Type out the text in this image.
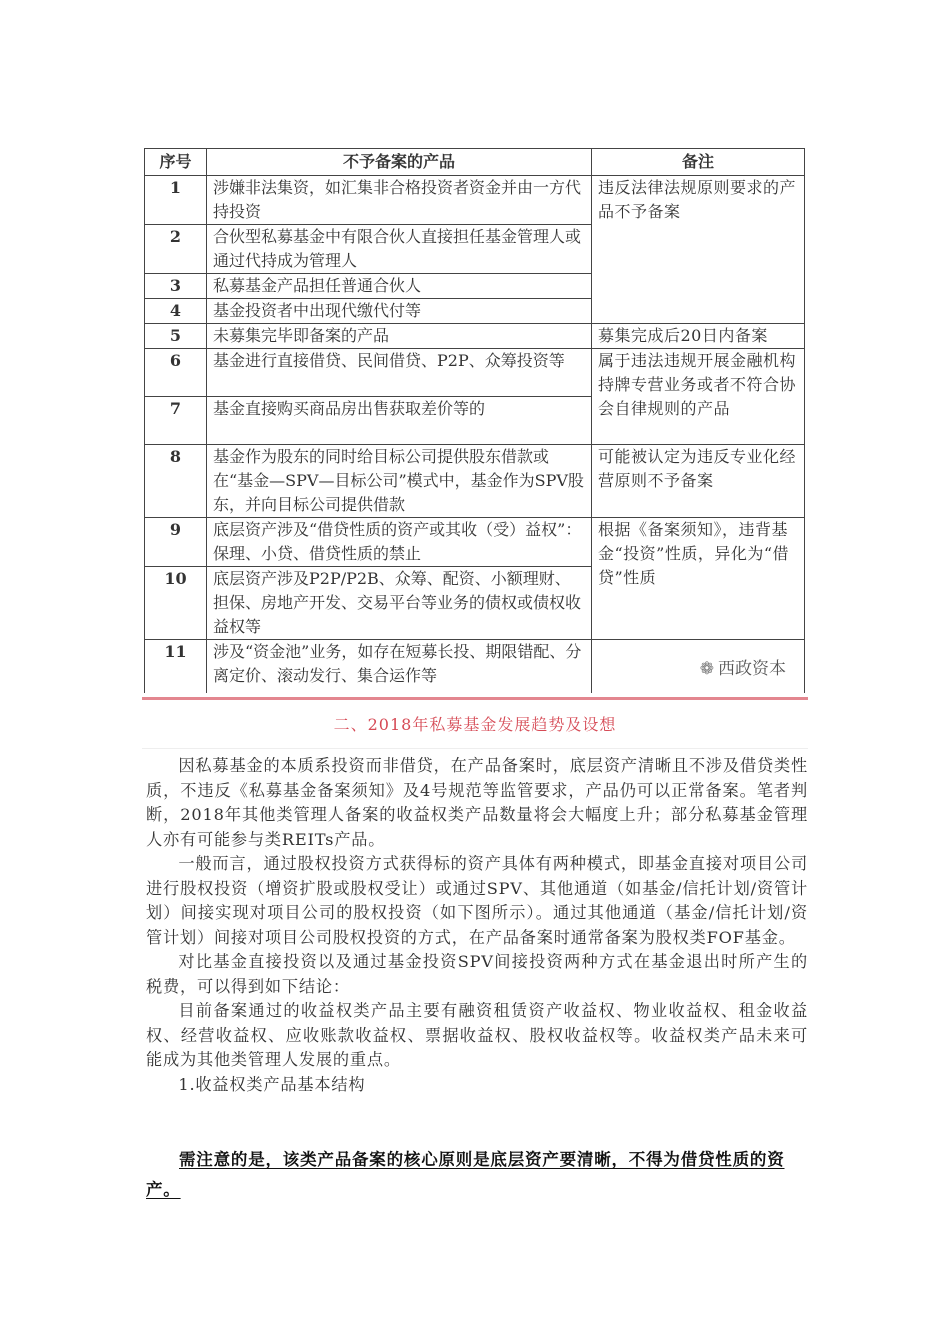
序号	不予备案的产品	备注
1	涉嫌非法集资，如汇集非合格投资者资金并由一方代持投资	违反法律法规原则要求的产品不予备案
2	合伙型私募基金中有限合伙人直接担任基金管理人或通过代持成为管理人	
3	私募基金产品担任普通合伙人	
4	基金投资者中出现代缴代付等	
5	未募集完毕即备案的产品	募集完成后20日内备案
6	基金进行直接借贷、民间借贷、P2P、众筹投资等	属于违法违规开展金融机构持牌专营业务或者不符合协会自律规则的产品
7	基金直接购买商品房出售获取差价等的	
8	基金作为股东的同时给目标公司提供股东借款或在“基金—SPV—目标公司”模式中，基金作为SPV股东，并向目标公司提供借款	可能被认定为违反专业化经营原则不予备案
9	底层资产涉及“借贷性质的资产或其收（受）益权”：保理、小贷、借贷性质的禁止	根据《备案须知》，违背基金“投资”性质，异化为“借贷”性质
10	底层资产涉及P2P/P2B、众筹、配资、小额理财、担保、房地产开发、交易平台等业务的债权或债权收益权等	
11	涉及“资金池”业务，如存在短募长投、期限错配、分离定价、滚动发行、集合运作等		❁ 西政资本
二、2018年私募基金发展趋势及设想

因私募基金的本质系投资而非借贷，在产品备案时，底层资产清晰且不涉及借贷类性质，不违反《私募基金备案须知》及4号规范等监管要求，产品仍可以正常备案。笔者判断，2018年其他类管理人备案的收益权类产品数量将会大幅度上升；部分私募基金管理人亦有可能参与类REITs产品。

一般而言，通过股权投资方式获得标的资产具体有两种模式，即基金直接对项目公司进行股权投资（增资扩股或股权受让）或通过SPV、其他通道（如基金/信托计划/资管计划）间接实现对项目公司的股权投资（如下图所示）。通过其他通道（基金/信托计划/资管计划）间接对项目公司股权投资的方式，在产品备案时通常备案为股权类FOF基金。

对比基金直接投资以及通过基金投资SPV间接投资两种方式在基金退出时所产生的税费，可以得到如下结论：

目前备案通过的收益权类产品主要有融资租赁资产收益权、物业收益权、租金收益权、经营收益权、应收账款收益权、票据收益权、股权收益权等。收益权类产品未来可能成为其他类管理人发展的重点。

1.收益权类产品基本结构

需注意的是，该类产品备案的核心原则是底层资产要清晰，不得为借贷性质的资产。
